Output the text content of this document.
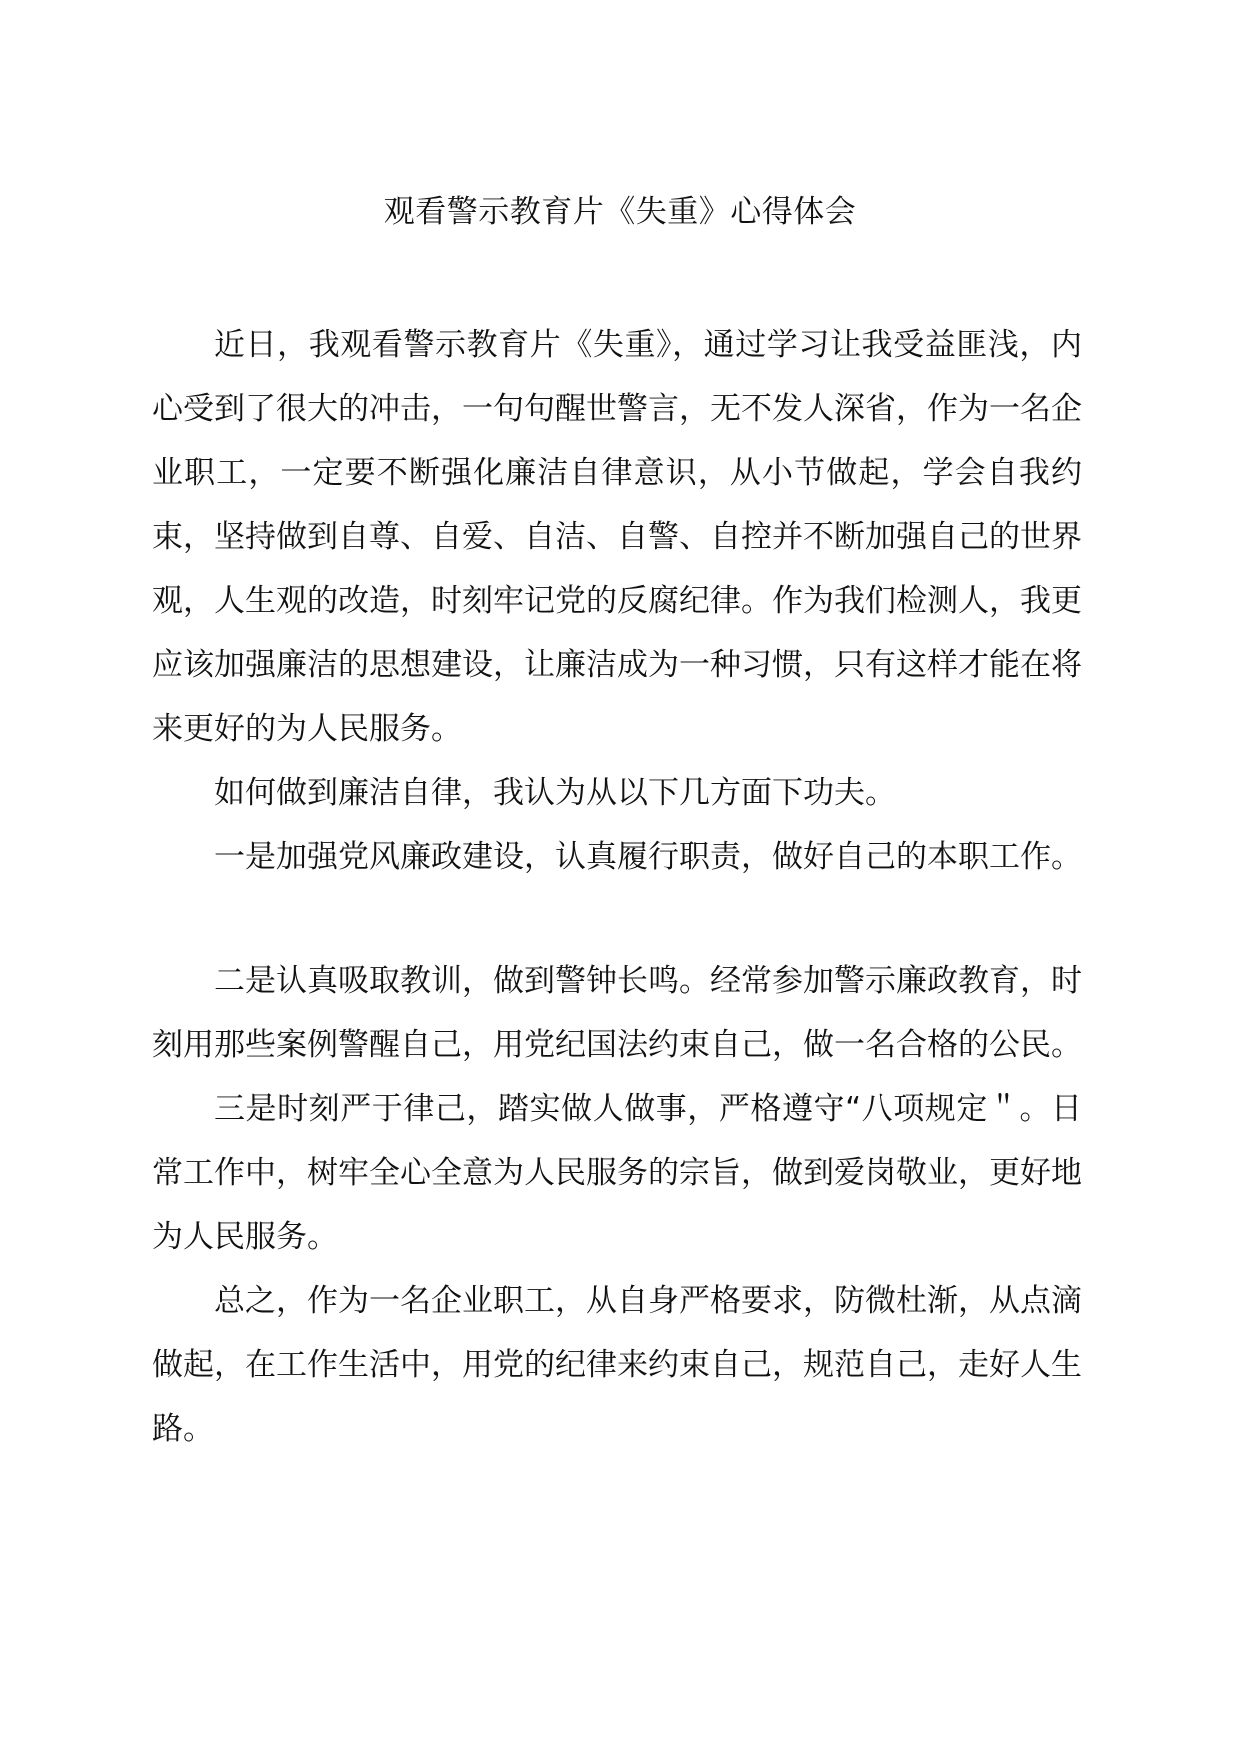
观看警示教育片《失重》心得体会

近日，我观看警示教育片《失重》，通过学习让我受益匪浅，内心受到了很大的冲击，一句句醒世警言，无不发人深省，作为一名企业职工，一定要不断强化廉洁自律意识，从小节做起，学会自我约束，坚持做到自尊、自爱、自洁、自警、自控并不断加强自己的世界观，人生观的改造，时刻牢记党的反腐纪律。作为我们检测人，我更应该加强廉洁的思想建设，让廉洁成为一种习惯，只有这样才能在将来更好的为人民服务。

如何做到廉洁自律，我认为从以下几方面下功夫。

一是加强党风廉政建设，认真履行职责，做好自己的本职工作。

二是认真吸取教训，做到警钟长鸣。经常参加警示廉政教育，时刻用那些案例警醒自己，用党纪国法约束自己，做一名合格的公民。

三是时刻严于律己，踏实做人做事，严格遵守“八项规定＂。日常工作中，树牢全心全意为人民服务的宗旨，做到爱岗敬业，更好地为人民服务。

总之，作为一名企业职工，从自身严格要求，防微杜渐，从点滴做起，在工作生活中，用党的纪律来约束自己，规范自己，走好人生路。
